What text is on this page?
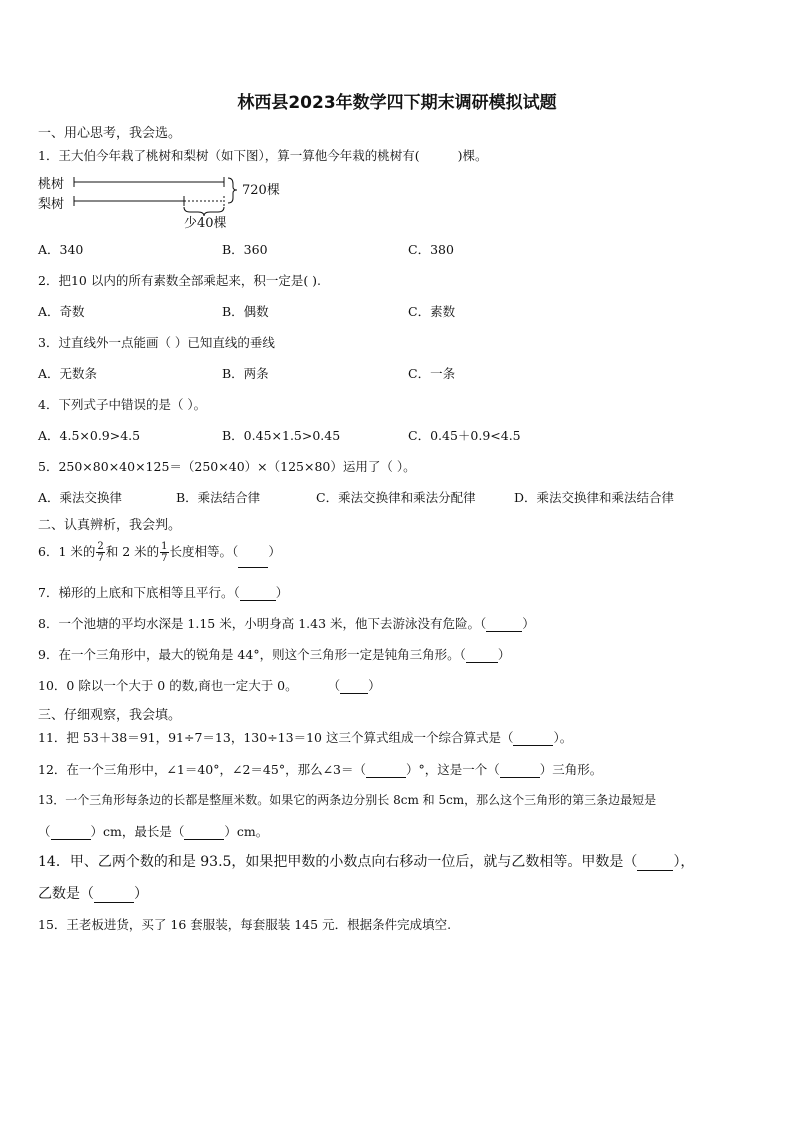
林西县2023年数学四下期末调研模拟试题
一、用心思考，我会选。
1．王大伯今年栽了桃树和梨树（如下图），算一算他今年栽的桃树有(	)棵。
桃树
梨树
720棵
少40棵
A．340	B．360	C．380
2．把10 以内的所有素数全部乘起来，积一定是( ).
A．奇数	B．偶数	C．素数
3．过直线外一点能画（ ）已知直线的垂线
A．无数条	B．两条	C．一条
4．下列式子中错误的是（ ）。
A．4.5×0.9>4.5	B．0.45×1.5>0.45	C．0.45＋0.9<4.5
5．250×80×40×125＝（250×40）×（125×80）运用了（ ）。
A．乘法交换律	B．乘法结合律	C．乘法交换律和乘法分配律	D．乘法交换律和乘法结合律
二、认真辨析，我会判。
6．1 米的 $\frac{2}{7}$ 和 2 米的 $\frac{1}{7}$ 长度相等。（ ）
7．梯形的上底和下底相等且平行。（	）
8．一个池塘的平均水深是 1.15 米，小明身高 1.43 米，他下去游泳没有危险。（	）
9．在一个三角形中，最大的锐角是 44°，则这个三角形一定是钝角三角形。（	）
10．0 除以一个大于 0 的数,商也一定大于 0。 （ ）
三、仔细观察，我会填。
11．把 53＋38＝91，91÷7＝13，130÷13＝10 这三个算式组成一个综合算式是（	）。
12．在一个三角形中，∠1＝40°，∠2＝45°，那么∠3＝（	）°，这是一个（	）三角形。
13．一个三角形每条边的长都是整厘米数。如果它的两条边分别长 8cm 和 5cm，那么这个三角形的第三条边最短是
（	）cm，最长是（	）cm。
14．甲、乙两个数的和是 93.5，如果把甲数的小数点向右移动一位后，就与乙数相等。甲数是（	），
乙数是（	）
15．王老板进货，买了 16 套服装，每套服装 145 元．根据条件完成填空.
